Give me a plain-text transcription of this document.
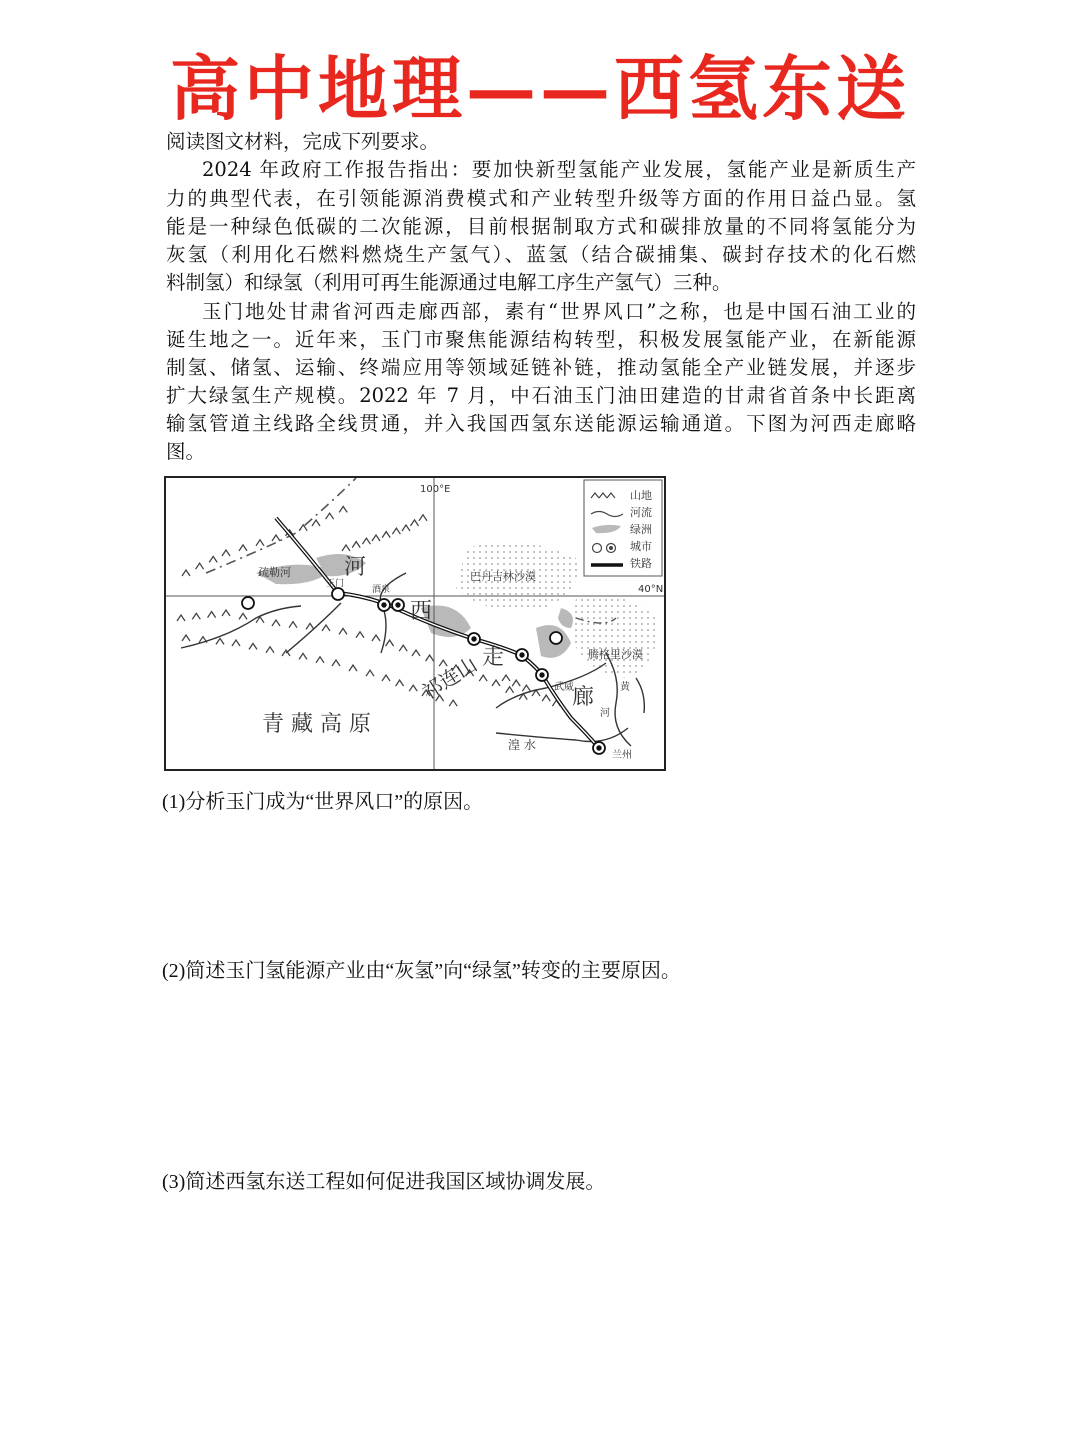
高中地理——西氢东送
阅读图文材料，完成下列要求。
2024 年政府工作报告指出：要加快新型氢能产业发展，氢能产业是新质生产
力的典型代表，在引领能源消费模式和产业转型升级等方面的作用日益凸显。氢
能是一种绿色低碳的二次能源，目前根据制取方式和碳排放量的不同将氢能分为
灰氢（利用化石燃料燃烧生产氢气）、蓝氢（结合碳捕集、碳封存技术的化石燃
料制氢）和绿氢（利用可再生能源通过电解工序生产氢气）三种。
玉门地处甘肃省河西走廊西部，素有“世界风口”之称，也是中国石油工业的
诞生地之一。近年来，玉门市聚焦能源结构转型，积极发展氢能产业，在新能源
制氢、储氢、运输、终端应用等领域延链补链，推动氢能全产业链发展，并逐步
扩大绿氢生产规模。2022 年 7 月，中石油玉门油田建造的甘肃省首条中长距离
输氢管道主线路全线贯通，并入我国西氢东送能源运输通道。下图为河西走廊略
图。
山地
河流
绿洲
城市
铁路
100°E
40°N
疏勒河
玉门
酒泉
巴丹吉林沙漠
腾格里沙漠
祁连山	武威	黄
河
湟 水
兰州
青 藏 高 原
河
西
走
廊
(1)分析玉门成为“世界风口”的原因。
(2)简述玉门氢能源产业由“灰氢”向“绿氢”转变的主要原因。
(3)简述西氢东送工程如何促进我国区域协调发展。
